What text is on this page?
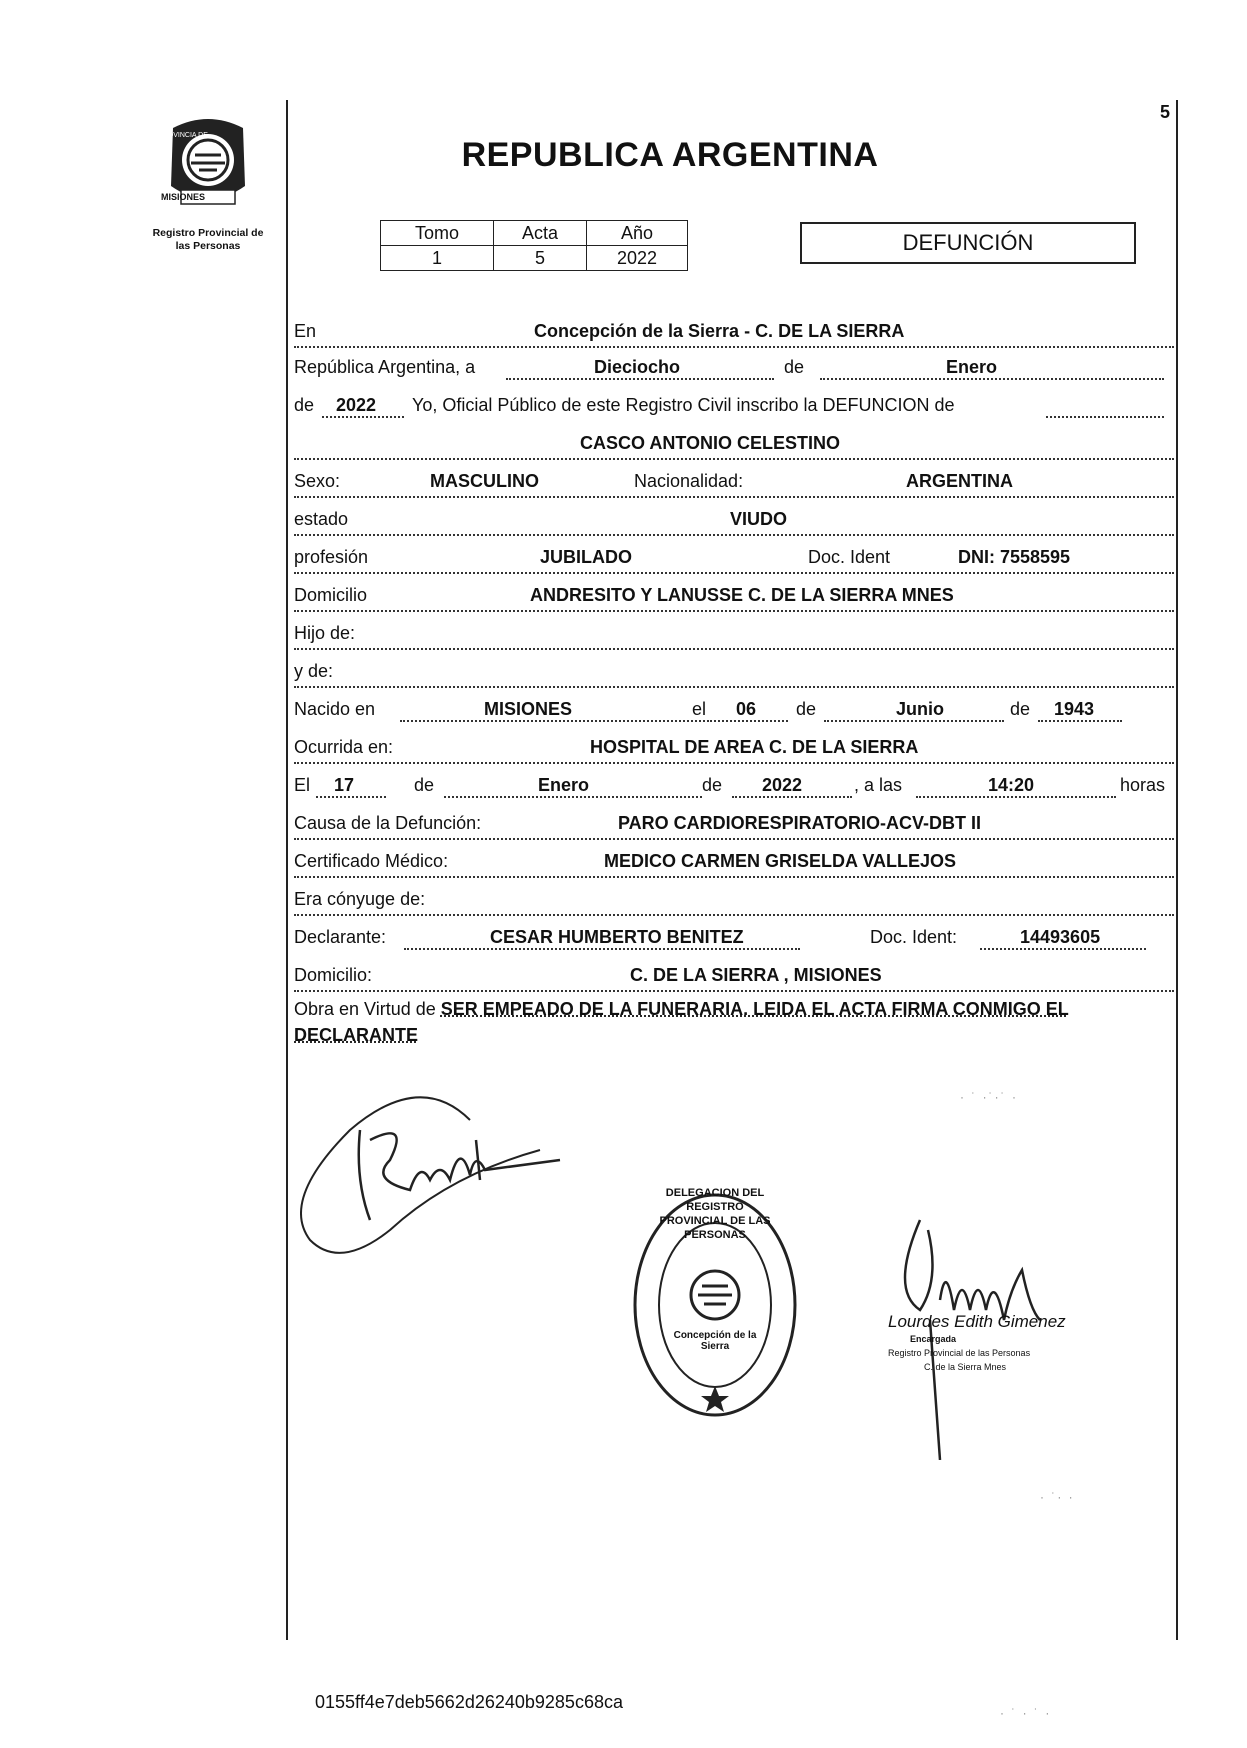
5
PROVINCIA DE
MISIONES
Registro Provincial de
las Personas
REPUBLICA ARGENTINA
Tomo	Acta	Año
1	5	2022
DEFUNCIÓN
En	Concepción de la Sierra - C. DE LA SIERRA
República Argentina, a	Dieciocho	de	Enero
de 2022 Yo, Oficial Público de este Registro Civil inscribo la DEFUNCION de
CASCO ANTONIO CELESTINO
Sexo:	MASCULINO	Nacionalidad:	ARGENTINA
estado	VIUDO
profesión	JUBILADO	Doc. Ident	DNI: 7558595
Domicilio	ANDRESITO Y LANUSSE C. DE LA SIERRA MNES
Hijo de:
y de:
Nacido en	MISIONES	el 06 de	Junio	de 1943
Ocurrida en:	HOSPITAL DE AREA C. DE LA SIERRA
El 17	de	Enero	de 2022	, a las	14:20	horas
Causa de la Defunción:	PARO CARDIORESPIRATORIO-ACV-DBT II
Certificado Médico:	MEDICO CARMEN GRISELDA VALLEJOS
Era cónyuge de:
Declarante:	CESAR HUMBERTO BENITEZ	Doc. Ident:	14493605
Domicilio:	C. DE LA SIERRA , MISIONES
Obra en Virtud de SER EMPEADO DE LA FUNERARIA. LEIDA EL ACTA FIRMA CONMIGO EL DECLARANTE
DELEGACION DEL REGISTRO PROVINCIAL DE LAS PERSONAS
Concepción de la Sierra
Lourdes Edith Gimenez
Encargada
Registro Provincial de las Personas
C. de la Sierra Mnes
· ˙ ·˙·˙ ·
· ˙· ·
· ˙ · ˙ ·
0155ff4e7deb5662d26240b9285c68ca
